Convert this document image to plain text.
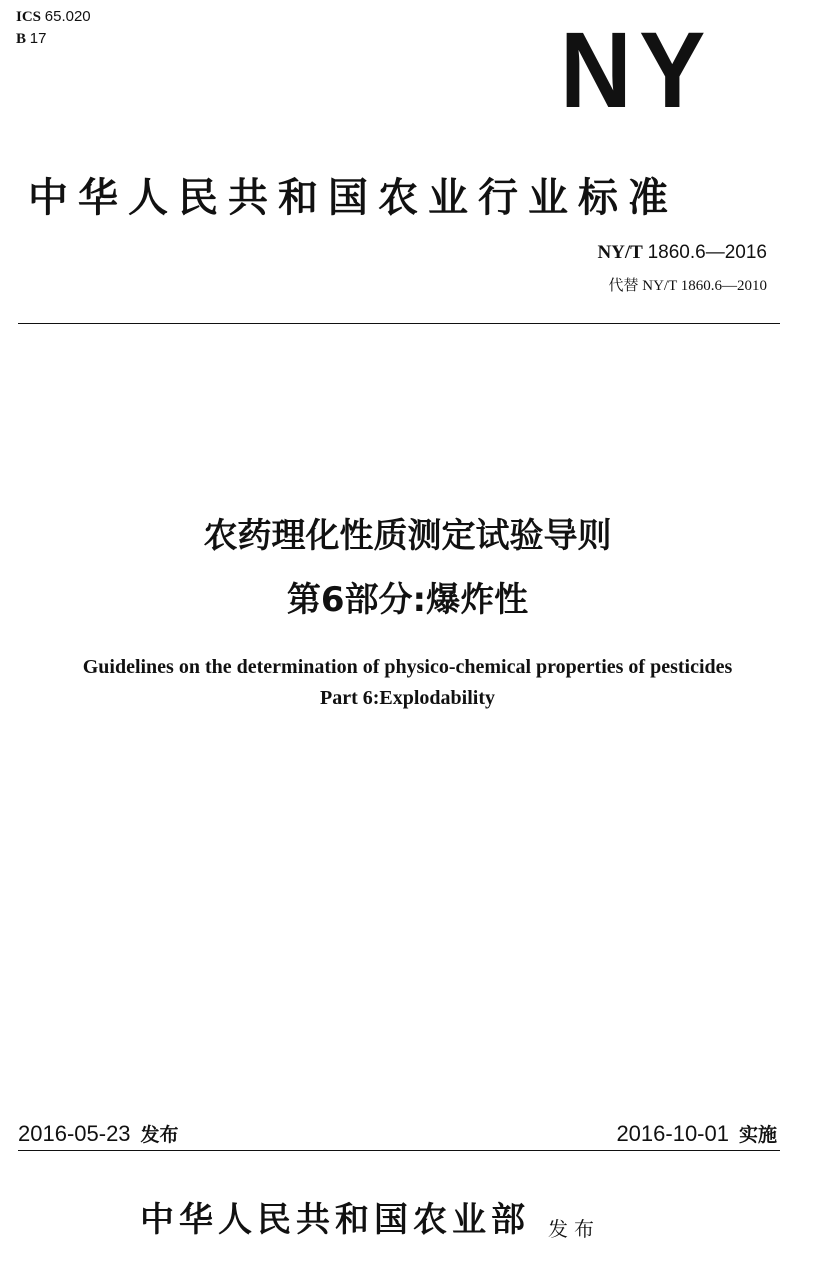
ICS 65.020
B 17	NY
中华人民共和国农业行业标准
NY/T 1860.6—2016
代替 NY/T 1860.6—2010
农药理化性质测定试验导则
第6部分:爆炸性
Guidelines on the determination of physico-chemical properties of pesticides
Part 6:Explodability
2016-05-23 发布	2016-10-01 实施
中华人民共和国农业部 发布
